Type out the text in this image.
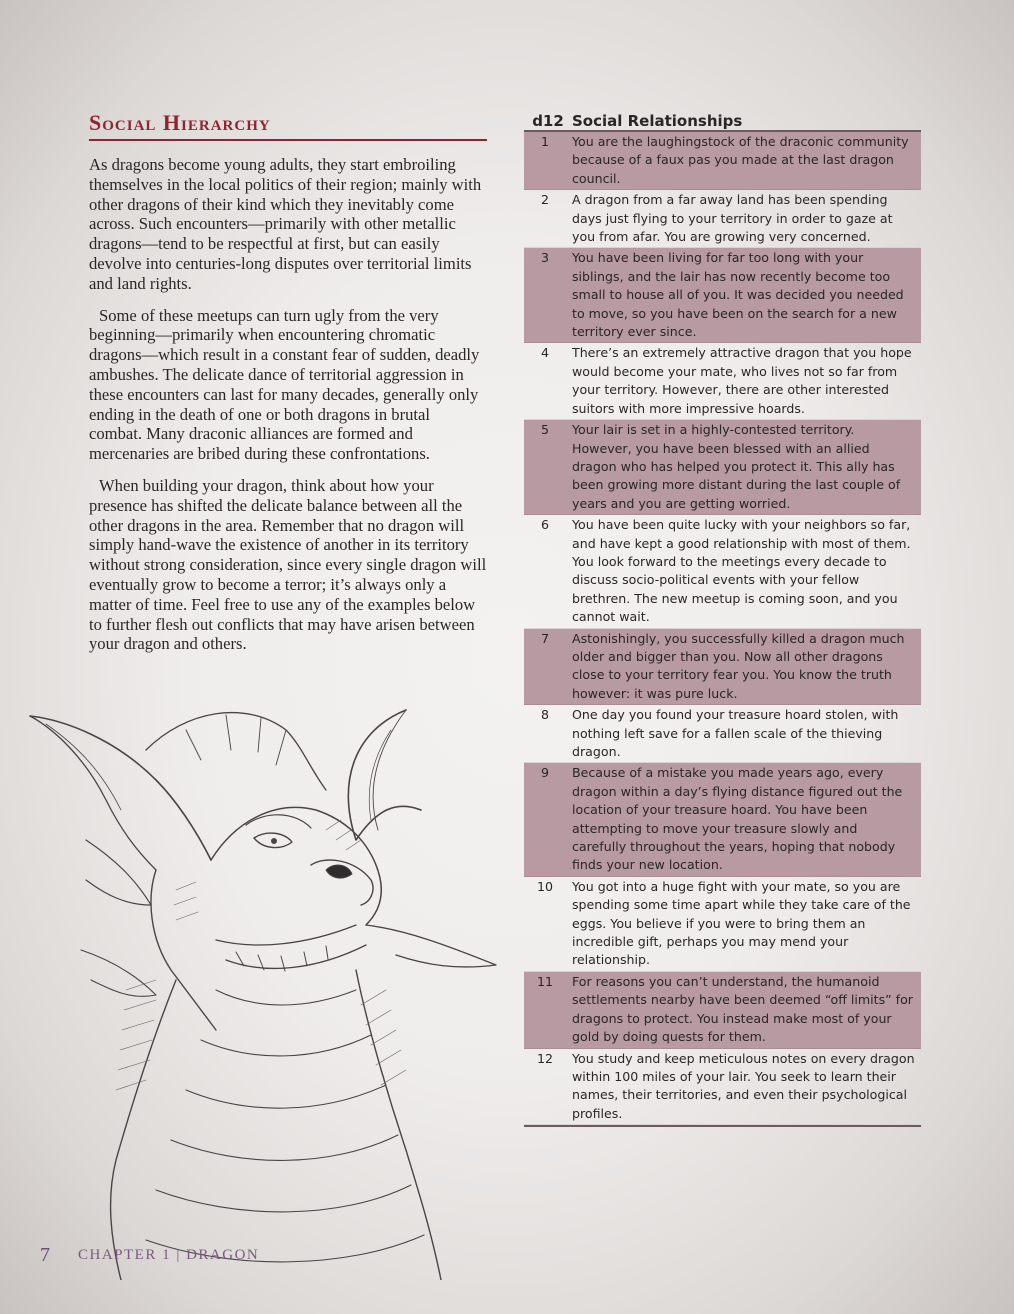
Social Hierarchy

As dragons become young adults, they start embroiling themselves in the local politics of their region; mainly with other dragons of their kind which they inevitably come across. Such encounters—primarily with other metallic dragons—tend to be respectful at first, but can easily devolve into centuries-long disputes over territorial limits and land rights.

Some of these meetups can turn ugly from the very beginning—primarily when encountering chromatic dragons—which result in a constant fear of sudden, deadly ambushes. The delicate dance of territorial aggression in these encounters can last for many decades, generally only ending in the death of one or both dragons in brutal combat. Many draconic alliances are formed and mercenaries are bribed during these confrontations.

When building your dragon, think about how your presence has shifted the delicate balance between all the other dragons in the area. Remember that no dragon will simply hand-wave the existence of another in its territory without strong consideration, since every single dragon will eventually grow to become a terror; it’s always only a matter of time. Feel free to use any of the examples below to further flesh out conflicts that may have arisen between your dragon and others.

d12 Social Relationships
1	You are the laughingstock of the draconic community because of a faux pas you made at the last dragon council.
2	A dragon from a far away land has been spending days just flying to your territory in order to gaze at you from afar. You are growing very concerned.
3	You have been living for far too long with your siblings, and the lair has now recently become too small to house all of you. It was decided you needed to move, so you have been on the search for a new territory ever since.
4	There’s an extremely attractive dragon that you hope would become your mate, who lives not so far from your territory. However, there are other interested suitors with more impressive hoards.
5	Your lair is set in a highly-contested territory. However, you have been blessed with an allied dragon who has helped you protect it. This ally has been growing more distant during the last couple of years and you are getting worried.
6	You have been quite lucky with your neighbors so far, and have kept a good relationship with most of them. You look forward to the meetings every decade to discuss socio-political events with your fellow brethren. The new meetup is coming soon, and you cannot wait.
7	Astonishingly, you successfully killed a dragon much older and bigger than you. Now all other dragons close to your territory fear you. You know the truth however: it was pure luck.
8	One day you found your treasure hoard stolen, with nothing left save for a fallen scale of the thieving dragon.
9	Because of a mistake you made years ago, every dragon within a day’s flying distance figured out the location of your treasure hoard. You have been attempting to move your treasure slowly and carefully throughout the years, hoping that nobody finds your new location.
10	You got into a huge fight with your mate, so you are spending some time apart while they take care of the eggs. You believe if you were to bring them an incredible gift, perhaps you may mend your relationship.
11	For reasons you can’t understand, the humanoid settlements nearby have been deemed “off limits” for dragons to protect. You instead make most of your gold by doing quests for them.
12	You study and keep meticulous notes on every dragon within 100 miles of your lair. You seek to learn their names, their territories, and even their psychological profiles.
7 CHAPTER 1 | DRAGON
